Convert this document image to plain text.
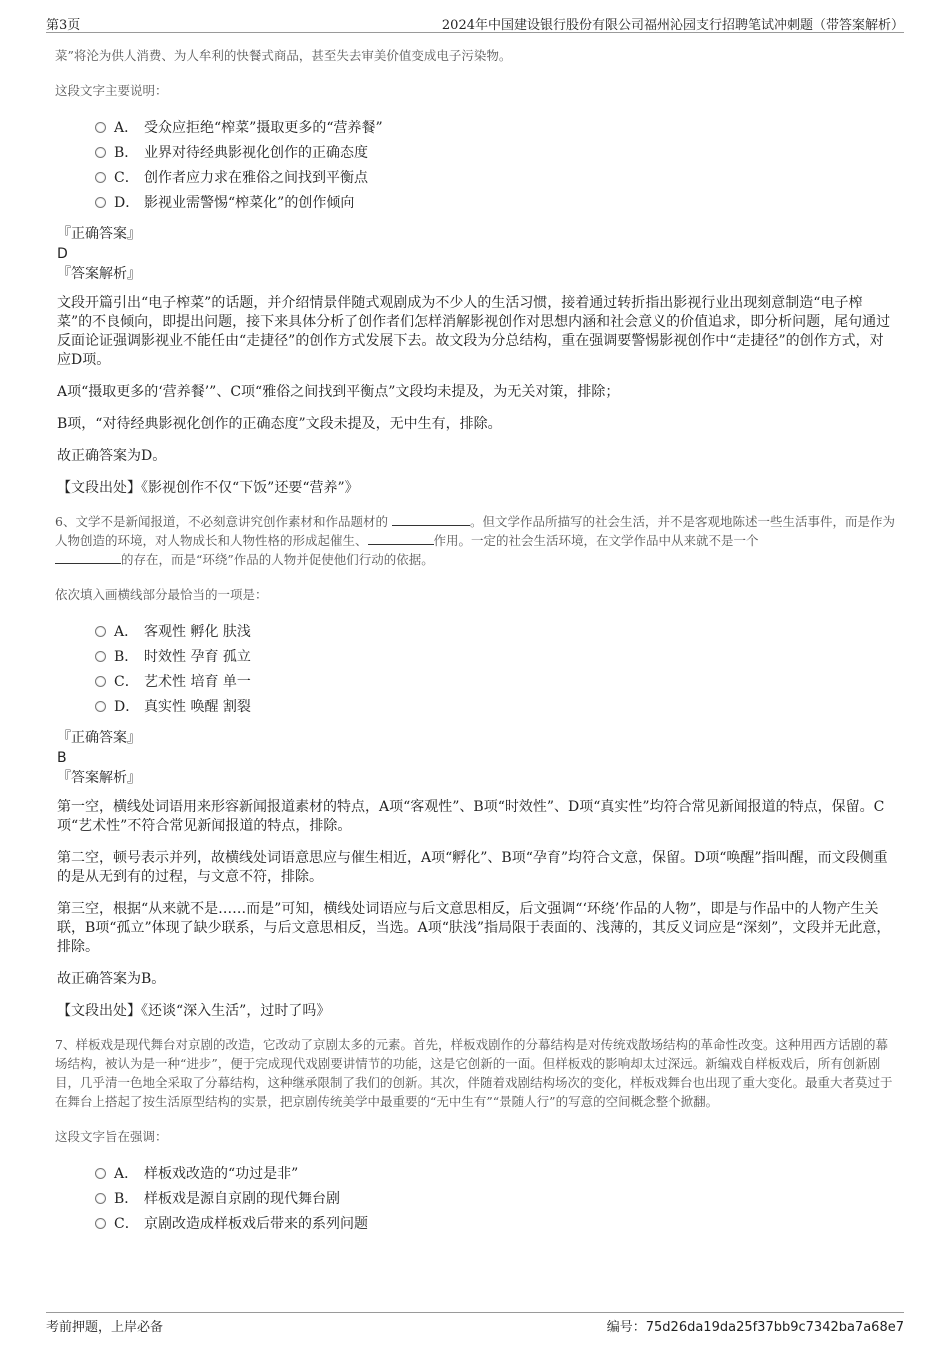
第3页	2024年中国建设银行股份有限公司福州沁园支行招聘笔试冲刺题（带答案解析）

菜”将沦为供人消费、为人牟利的快餐式商品，甚至失去审美价值变成电子污染物。

这段文字主要说明：

A． 受众应拒绝“榨菜”摄取更多的“营养餐”
B． 业界对待经典影视化创作的正确态度
C． 创作者应力求在雅俗之间找到平衡点
D． 影视业需警惕“榨菜化”的创作倾向
『正确答案』
D
『答案解析』

文段开篇引出“电子榨菜”的话题，并介绍情景伴随式观剧成为不少人的生活习惯，接着通过转折指出影视行业出现刻意制造“电子榨菜”的不良倾向，即提出问题，接下来具体分析了创作者们怎样消解影视创作对思想内涵和社会意义的价值追求，即分析问题，尾句通过反面论证强调影视业不能任由“走捷径”的创作方式发展下去。故文段为分总结构，重在强调要警惕影视创作中“走捷径”的创作方式，对应D项。

A项“摄取更多的‘营养餐’”、C项“雅俗之间找到平衡点”文段均未提及，为无关对策，排除；

B项，“对待经典影视化创作的正确态度”文段未提及，无中生有，排除。

故正确答案为D。

【文段出处】《影视创作不仅“下饭”还要“营养”》

6、文学不是新闻报道，不必刻意讲究创作素材和作品题材的	。但文学作品所描写的社会生活，并不是客观地陈述一些生活事件，而是作为人物创造的环境，对人物成长和人物性格的形成起催生、	作用。一定的社会生活环境，在文学作品中从来就不是一个
的存在，而是“环绕”作品的人物并促使他们行动的依据。

依次填入画横线部分最恰当的一项是：

A． 客观性 孵化 肤浅
B． 时效性 孕育 孤立
C． 艺术性 培育 单一
D． 真实性 唤醒 割裂
『正确答案』
B
『答案解析』

第一空，横线处词语用来形容新闻报道素材的特点，A项“客观性”、B项“时效性”、D项“真实性”均符合常见新闻报道的特点，保留。C项“艺术性”不符合常见新闻报道的特点，排除。

第二空，顿号表示并列，故横线处词语意思应与催生相近，A项“孵化”、B项“孕育”均符合文意，保留。D项“唤醒”指叫醒，而文段侧重的是从无到有的过程，与文意不符，排除。

第三空，根据“从来就不是……而是”可知，横线处词语应与后文意思相反，后文强调“‘环绕’作品的人物”，即是与作品中的人物产生关联，B项“孤立”体现了缺少联系，与后文意思相反，当选。A项“肤浅”指局限于表面的、浅薄的，其反义词应是“深刻”，文段并无此意，排除。

故正确答案为B。

【文段出处】《还谈“深入生活”，过时了吗》

7、样板戏是现代舞台对京剧的改造，它改动了京剧太多的元素。首先，样板戏剧作的分幕结构是对传统戏散场结构的革命性改变。这种用西方话剧的幕场结构，被认为是一种“进步”，便于完成现代戏剧要讲情节的功能，这是它创新的一面。但样板戏的影响却太过深远。新编戏自样板戏后，所有创新剧目，几乎清一色地全采取了分幕结构，这种继承限制了我们的创新。其次，伴随着戏剧结构场次的变化，样板戏舞台也出现了重大变化。最重大者莫过于在舞台上搭起了按生活原型结构的实景，把京剧传统美学中最重要的“无中生有”“景随人行”的写意的空间概念整个掀翻。

这段文字旨在强调：

A． 样板戏改造的“功过是非”
B． 样板戏是源自京剧的现代舞台剧
C． 京剧改造成样板戏后带来的系列问题
考前押题，上岸必备	编号：75d26da19da25f37bb9c7342ba7a68e7
